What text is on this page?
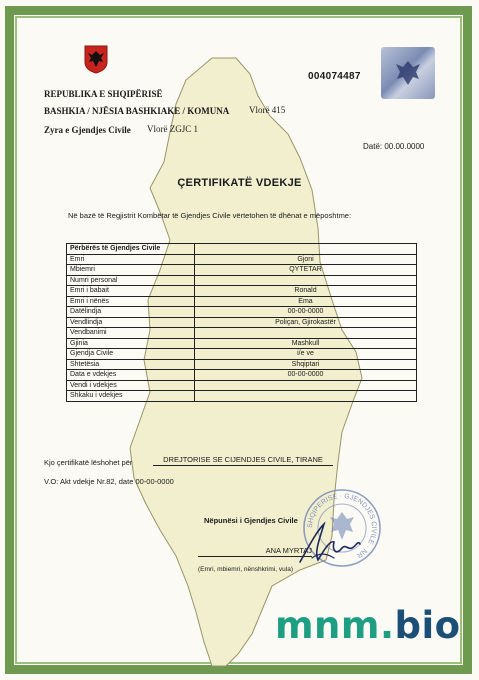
004074487
REPUBLIKA E SHQIPËRISË
BASHKIA / NJËSIA BASHKIAKE / KOMUNA Vlorë 415
Zyra e Gjendjes Civile Vlorë ZGJC 1
Datë: 00.00.0000
ÇERTIFIKATË VDEKJE
Në bazë të Regjistrit Kombëtar të Gjendjes Civile vërtetohen të dhënat e mëposhtme:
Përbërës të Gjendjes Civile	
Emri	Gjoni
Mbiemri	QYTETAR
Numri personal	
Emri i babait	Ronald
Emri i nënës	Ema
Datëlindja	00-00-0000
Vendlindja	Poliçan, Gjirokastër
Vendbanimi	
Gjinia	Mashkull
Gjendja Civile	i/e ve
Shtetësia	Shqiptari
Data e vdekjes	00-00-0000
Vendi i vdekjes	
Shkaku i vdekjes	
Kjo çertifikatë lëshohet për	DREJTORISE SE CIJENDJES CIVILE, TIRANE
V.O: Akt vdekje Nr.82, date 00-00-0000
SHQIPERISE · GJENDJES CIVILE · NR
Nëpunësi i Gjendjes Civile
ANA MYRTAJ
(Emri, mbiemri, nënshkrimi, vula)
mnm.bio
